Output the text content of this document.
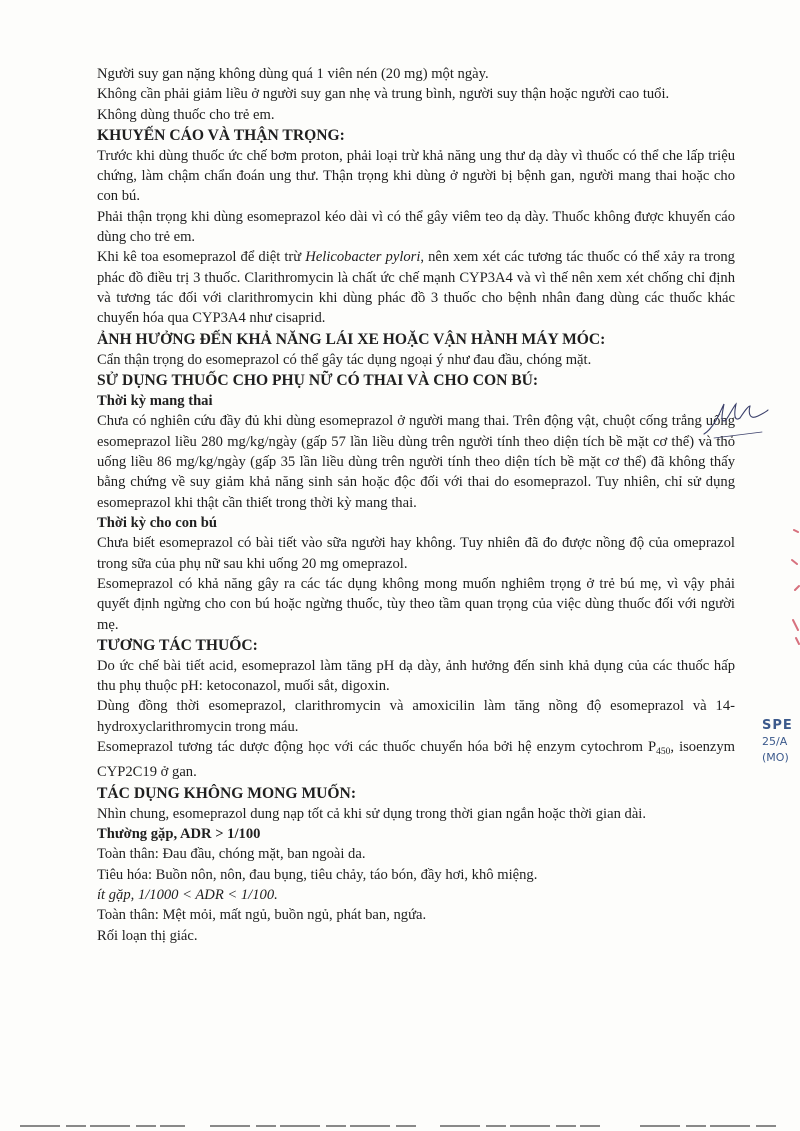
Người suy gan nặng không dùng quá 1 viên nén (20 mg) một ngày.

Không cần phải giảm liều ở người suy gan nhẹ và trung bình, người suy thận hoặc người cao tuổi.

Không dùng thuốc cho trẻ em.

KHUYẾN CÁO VÀ THẬN TRỌNG:

Trước khi dùng thuốc ức chế bơm proton, phải loại trừ khả năng ung thư dạ dày vì thuốc có thể che lấp triệu chứng, làm chậm chẩn đoán ung thư. Thận trọng khi dùng ở người bị bệnh gan, người mang thai hoặc cho con bú.

Phải thận trọng khi dùng esomeprazol kéo dài vì có thể gây viêm teo dạ dày. Thuốc không được khuyến cáo dùng cho trẻ em.

Khi kê toa esomeprazol để diệt trừ Helicobacter pylori, nên xem xét các tương tác thuốc có thể xảy ra trong phác đồ điều trị 3 thuốc. Clarithromycin là chất ức chế mạnh CYP3A4 và vì thế nên xem xét chống chỉ định và tương tác đối với clarithromycin khi dùng phác đồ 3 thuốc cho bệnh nhân đang dùng các thuốc khác chuyển hóa qua CYP3A4 như cisaprid.

ẢNH HƯỞNG ĐẾN KHẢ NĂNG LÁI XE HOẶC VẬN HÀNH MÁY MÓC:

Cẩn thận trọng do esomeprazol có thể gây tác dụng ngoại ý như đau đầu, chóng mặt.

SỬ DỤNG THUỐC CHO PHỤ NỮ CÓ THAI VÀ CHO CON BÚ:

Thời kỳ mang thai

Chưa có nghiên cứu đầy đủ khi dùng esomeprazol ở người mang thai. Trên động vật, chuột cống trắng uống esomeprazol liều 280 mg/kg/ngày (gấp 57 lần liều dùng trên người tính theo diện tích bề mặt cơ thể) và thỏ uống liều 86 mg/kg/ngày (gấp 35 lần liều dùng trên người tính theo diện tích bề mặt cơ thể) đã không thấy bằng chứng về suy giảm khả năng sinh sản hoặc độc đối với thai do esomeprazol. Tuy nhiên, chỉ sử dụng esomeprazol khi thật cần thiết trong thời kỳ mang thai.

Thời kỳ cho con bú

Chưa biết esomeprazol có bài tiết vào sữa người hay không. Tuy nhiên đã đo được nồng độ của omeprazol trong sữa của phụ nữ sau khi uống 20 mg omeprazol.

Esomeprazol có khả năng gây ra các tác dụng không mong muốn nghiêm trọng ở trẻ bú mẹ, vì vậy phải quyết định ngừng cho con bú hoặc ngừng thuốc, tùy theo tầm quan trọng của việc dùng thuốc đối với người mẹ.

TƯƠNG TÁC THUỐC:

Do ức chế bài tiết acid, esomeprazol làm tăng pH dạ dày, ảnh hưởng đến sinh khả dụng của các thuốc hấp thu phụ thuộc pH: ketoconazol, muối sắt, digoxin.

Dùng đồng thời esomeprazol, clarithromycin và amoxicilin làm tăng nồng độ esomeprazol và 14-hydroxyclarithromycin trong máu.

Esomeprazol tương tác dược động học với các thuốc chuyển hóa bởi hệ enzym cytochrom $P_{450}$, isoenzym CYP2C19 ở gan.

TÁC DỤNG KHÔNG MONG MUỐN:

Nhìn chung, esomeprazol dung nạp tốt cả khi sử dụng trong thời gian ngắn hoặc thời gian dài.

Thường gặp, ADR > 1/100

Toàn thân: Đau đầu, chóng mặt, ban ngoài da.

Tiêu hóa: Buồn nôn, nôn, đau bụng, tiêu chảy, táo bón, đầy hơi, khô miệng.

ít gặp, 1/1000 < ADR < 1/100.

Toàn thân: Mệt mỏi, mất ngủ, buồn ngủ, phát ban, ngứa.

Rối loạn thị giác.

SPE
25/A
(MO)
